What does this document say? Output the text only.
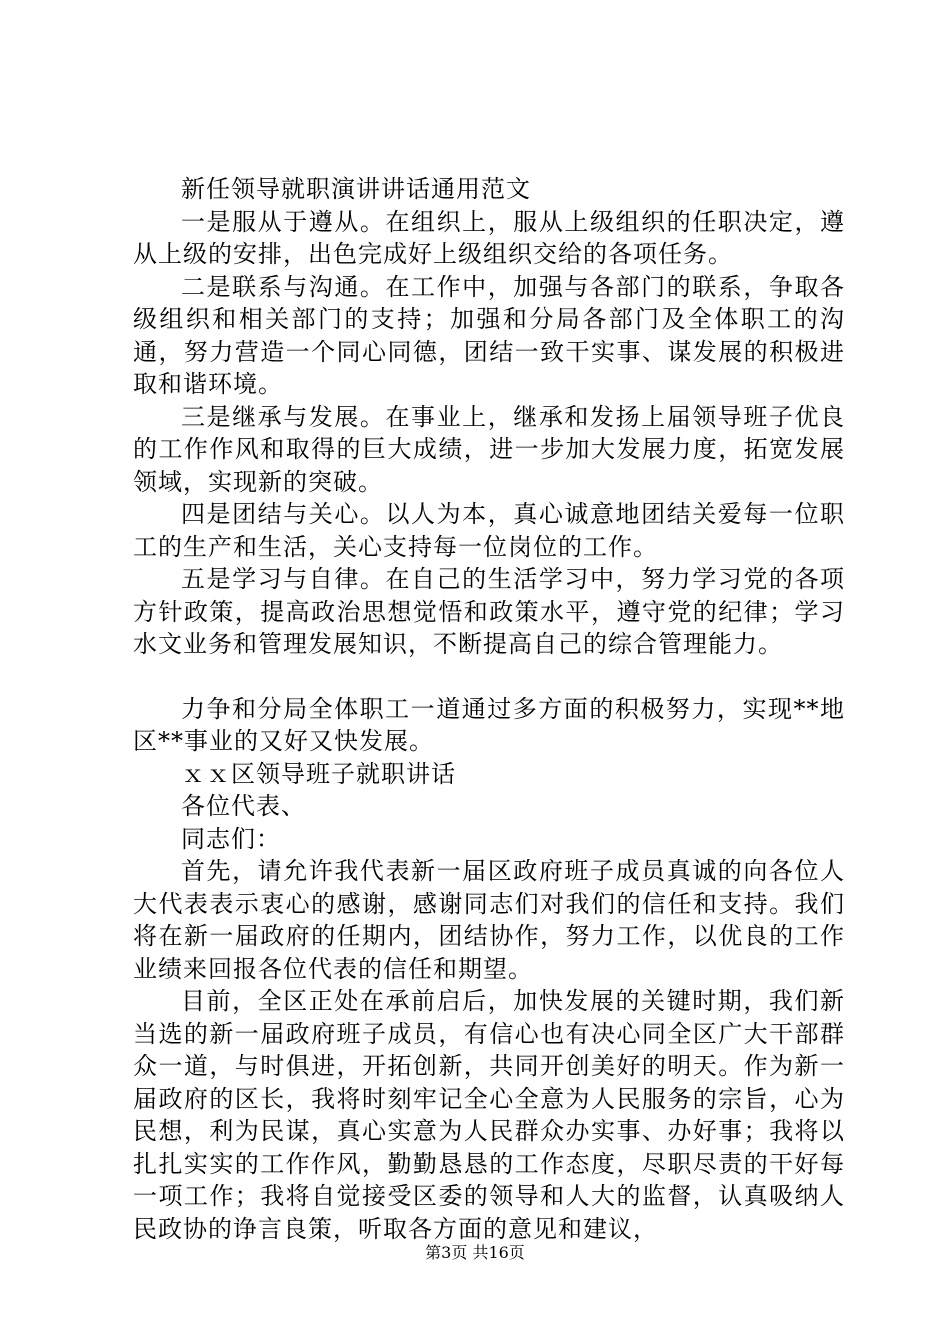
新任领导就职演讲讲话通用范文

一是服从于遵从。在组织上，服从上级组织的任职决定，遵从上级的安排，出色完成好上级组织交给的各项任务。

二是联系与沟通。在工作中，加强与各部门的联系，争取各级组织和相关部门的支持；加强和分局各部门及全体职工的沟通，努力营造一个同心同德，团结一致干实事、谋发展的积极进取和谐环境。

三是继承与发展。在事业上，继承和发扬上届领导班子优良的工作作风和取得的巨大成绩，进一步加大发展力度，拓宽发展领域，实现新的突破。

四是团结与关心。以人为本，真心诚意地团结关爱每一位职工的生产和生活，关心支持每一位岗位的工作。

五是学习与自律。在自己的生活学习中，努力学习党的各项方针政策，提高政治思想觉悟和政策水平，遵守党的纪律；学习水文业务和管理发展知识，不断提高自己的综合管理能力。

力争和分局全体职工一道通过多方面的积极努力，实现**地区**事业的又好又快发展。

ｘｘ区领导班子就职讲话

各位代表、

同志们：

首先，请允许我代表新一届区政府班子成员真诚的向各位人大代表表示衷心的感谢，感谢同志们对我们的信任和支持。我们将在新一届政府的任期内，团结协作，努力工作，以优良的工作业绩来回报各位代表的信任和期望。

目前，全区正处在承前启后，加快发展的关键时期，我们新当选的新一届政府班子成员，有信心也有决心同全区广大干部群众一道，与时俱进，开拓创新，共同开创美好的明天。作为新一届政府的区长，我将时刻牢记全心全意为人民服务的宗旨，心为民想，利为民谋，真心实意为人民群众办实事、办好事；我将以扎扎实实的工作作风，勤勤恳恳的工作态度，尽职尽责的干好每一项工作；我将自觉接受区委的领导和人大的监督，认真吸纳人民政协的诤言良策，听取各方面的意见和建议，

第3页 共16页
